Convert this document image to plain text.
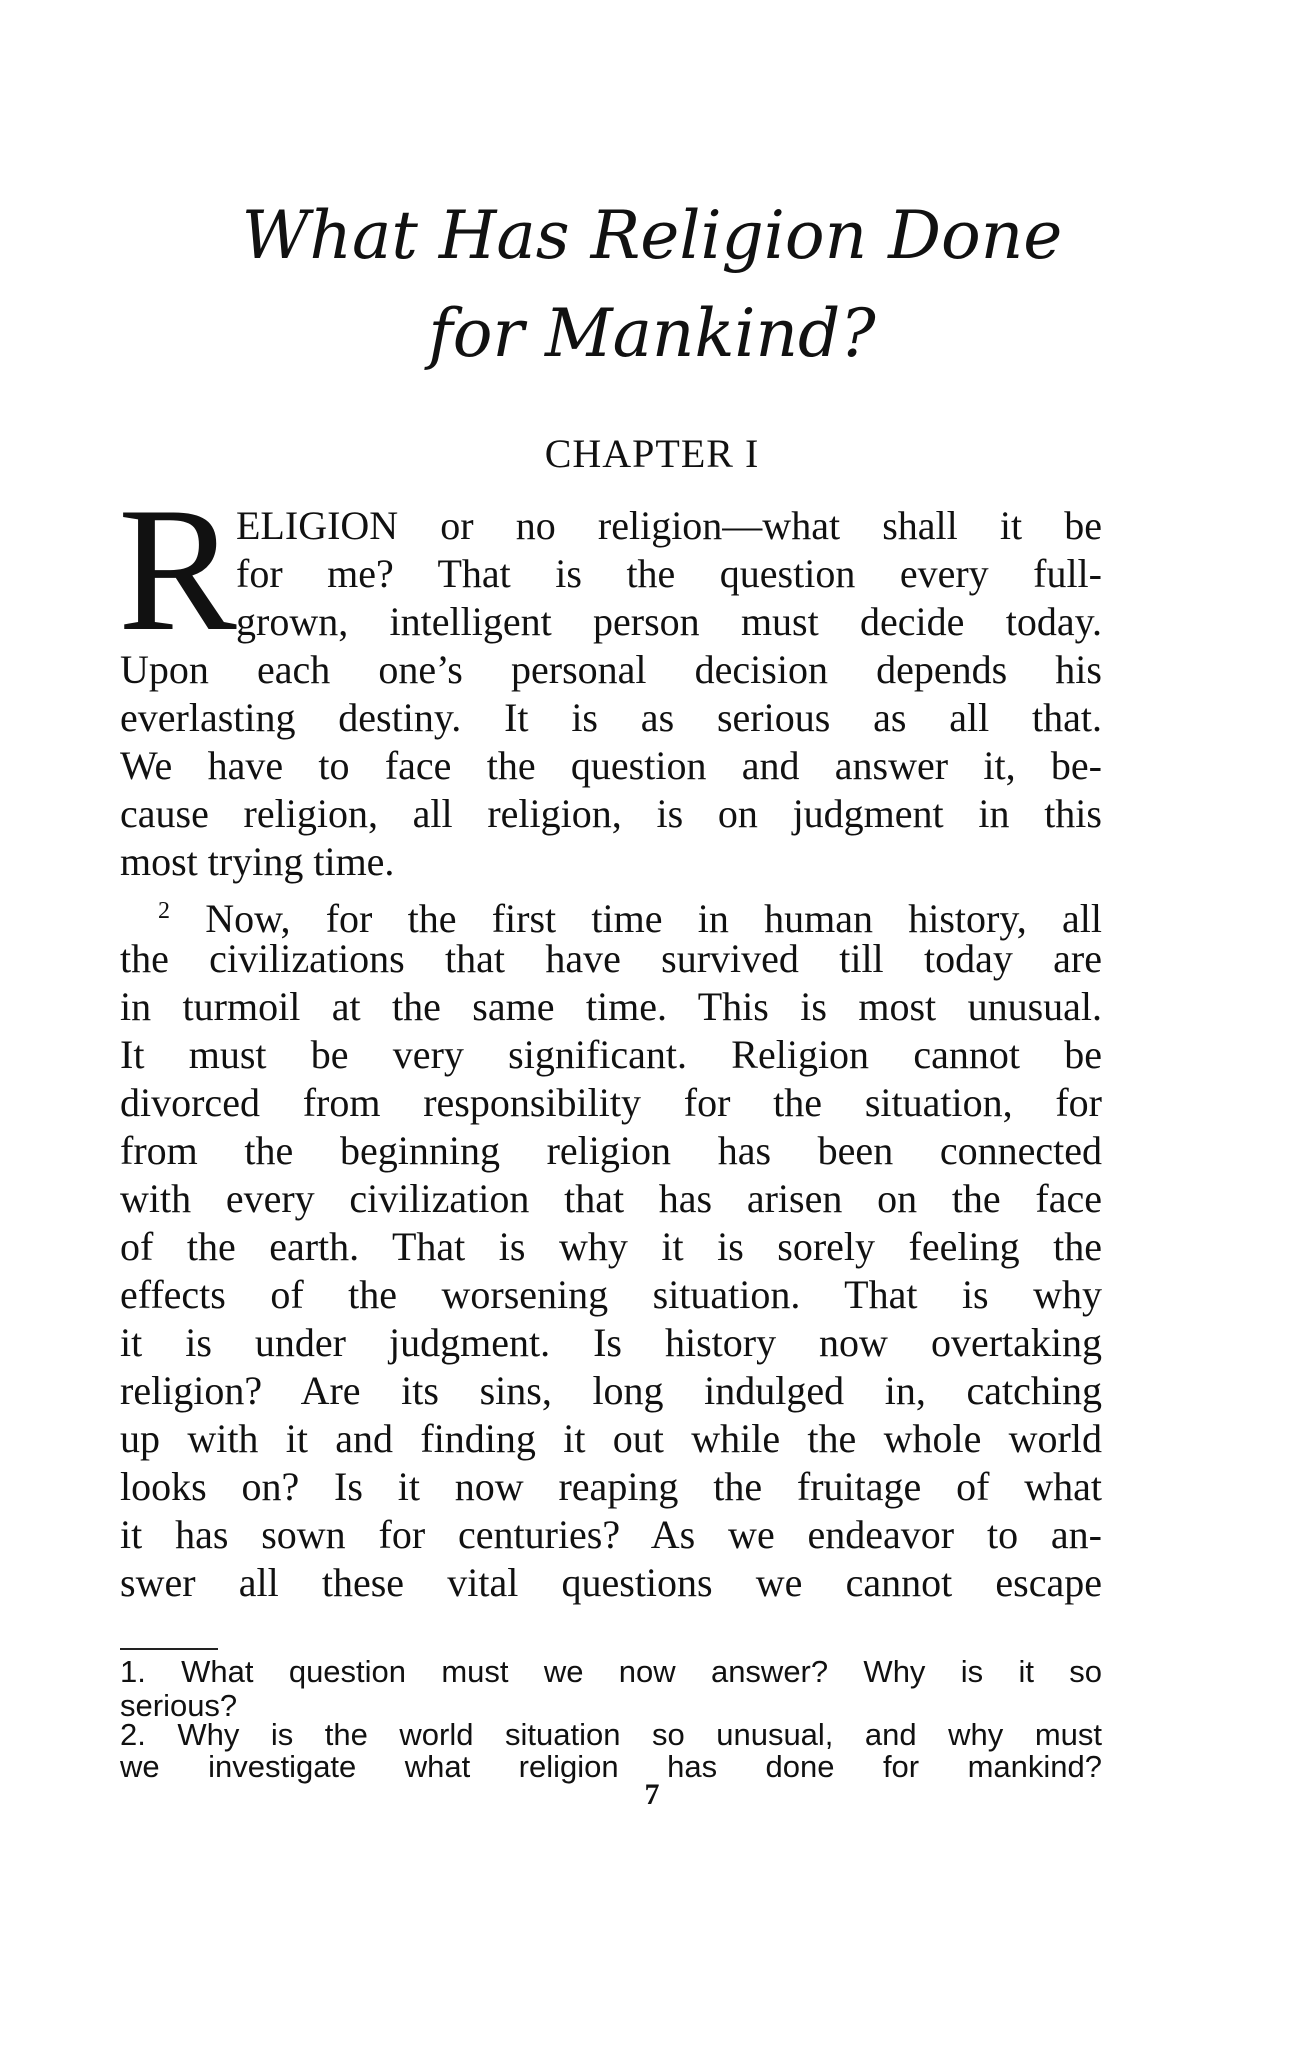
What Has Religion Done
for Mankind?
CHAPTER I
R ELIGION or no religion—what shall it be
for me? That is the question every full-
grown, intelligent person must decide today.
Upon each one’s personal decision depends his
everlasting destiny. It is as serious as all that.
We have to face the question and answer it, be-
cause religion, all religion, is on judgment in this
most trying time.
$^2$ Now, for the first time in human history, all
the civilizations that have survived till today are
in turmoil at the same time. This is most unusual.
It must be very significant. Religion cannot be
divorced from responsibility for the situation, for
from the beginning religion has been connected
with every civilization that has arisen on the face
of the earth. That is why it is sorely feeling the
effects of the worsening situation. That is why
it is under judgment. Is history now overtaking
religion? Are its sins, long indulged in, catching
up with it and finding it out while the whole world
looks on? Is it now reaping the fruitage of what
it has sown for centuries? As we endeavor to an-
swer all these vital questions we cannot escape
1. What question must we now answer? Why is it so
serious?
2. Why is the world situation so unusual, and why must
we investigate what religion has done for mankind?
7
